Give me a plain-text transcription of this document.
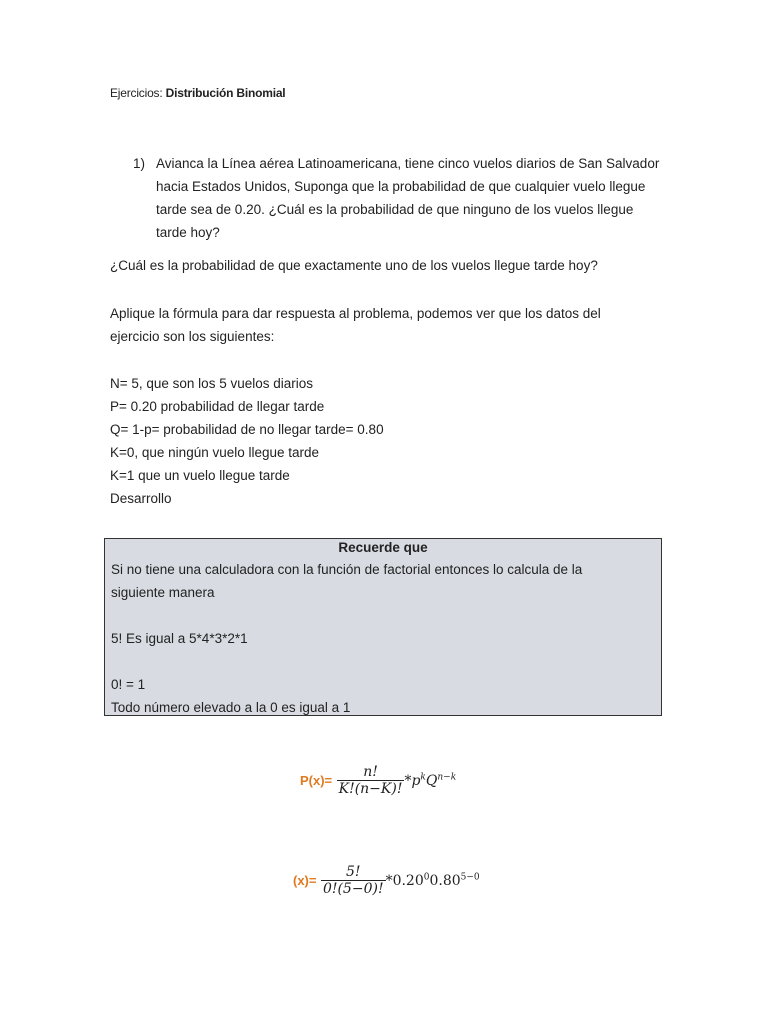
Ejercicios: Distribución Binomial
1) Avianca la Línea aérea Latinoamericana, tiene cinco vuelos diarios de San Salvador hacia Estados Unidos, Suponga que la probabilidad de que cualquier vuelo llegue tarde sea de 0.20. ¿Cuál es la probabilidad de que ninguno de los vuelos llegue tarde hoy?
¿Cuál es la probabilidad de que exactamente uno de los vuelos llegue tarde hoy?
Aplique la fórmula para dar respuesta al problema, podemos ver que los datos del ejercicio son los siguientes:
N= 5, que son los 5 vuelos diarios
P= 0.20 probabilidad de llegar tarde
Q= 1-p= probabilidad de no llegar tarde= 0.80
K=0, que ningún vuelo llegue tarde
K=1 que un vuelo llegue tarde
Desarrollo
Recuerde que
Si no tiene una calculadora con la función de factorial entonces lo calcula de la
siguiente manera
5! Es igual a 5*4*3*2*1
0! = 1
Todo número elevado a la 0 es igual a 1
$P(x)= \frac{n!}{K!(n-K)!} *p^kQ^{n-k}$
$(x)= \frac{5!}{0!(5-0)!} *0.20^00.80^{5-0}$
